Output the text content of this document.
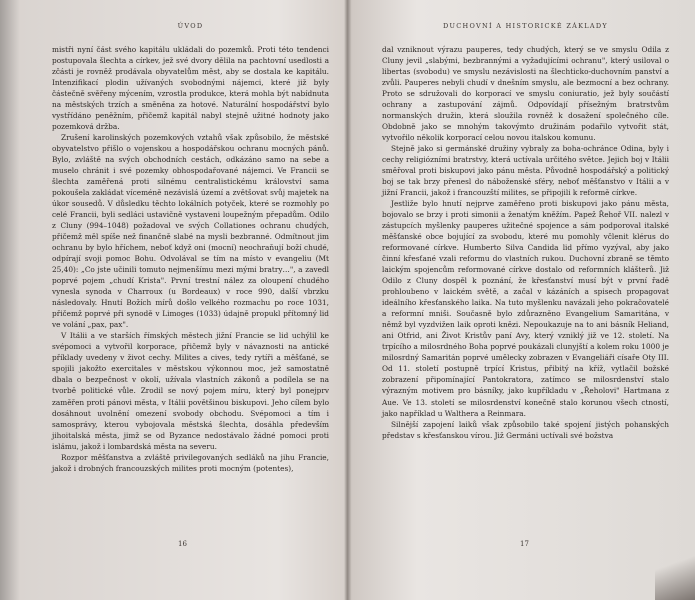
ÚVOD

mistři nyní část svého kapitálu ukládali do pozemků. Proti této tendenci postupovala šlechta a církev, jež své dvory dělila na pachtovní usedlosti a zčásti je rovněž prodávala obyvatelům měst, aby se dostala ke kapitálu. Intenzifikací plodin užívaných svobodnými nájemci, které již byly částečně svěřeny mýcením, vzrostla produkce, která mohla být nabídnuta na městských trzích a směněna za hotové. Naturální hospodářství bylo vystřídáno peněžním, přičemž kapitál nabyl stejně užitné hodnoty jako pozemková držba.

Zrušení karolinských pozemkových vztahů však způsobilo, že městské obyvatelstvo přišlo o vojenskou a hospodářskou ochranu mocných pánů. Bylo, zvláště na svých obchodních cestách, odkázáno samo na sebe a muselo chránit i své pozemky obhospodařované nájemci. Ve Francii se šlechta zaměřená proti silnému centralistickému království sama pokoušela zakládat víceméně nezávislá území a zvětšovat svůj majetek na úkor sousedů. V důsledku těchto lokálních potyček, které se rozmohly po celé Francii, byli sedláci ustavičně vystaveni loupežným přepadům. Odilo z Cluny (994–1048) požadoval ve svých Collationes ochranu chudých, přičemž měl spíše než finančně slabé na mysli bezbranné. Odmítnout jim ochranu by bylo hříchem, neboť když oni (mocní) neochraňují boží chudé, odpírají svoji pomoc Bohu. Odvolával se tím na místo v evangeliu (Mt 25,40): „Co jste učinili tomuto nejmenšímu mezi mými bratry…", a zavedl poprvé pojem „chudí Krista". První trestní nález za oloupení chudého vynesla synoda v Charroux (u Bordeaux) v roce 990, další vbrzku následovaly. Hnutí Božích mírů došlo velkého rozmachu po roce 1031, přičemž poprvé při synodě v Limoges (1033) údajně propukl přítomný lid ve volání „pax, pax".

V Itálii a ve starších římských městech jižní Francie se lid uchýlil ke svépomoci a vytvořil korporace, přičemž byly v návaznosti na antické příklady uvedeny v život cechy. Milites a cives, tedy rytíři a měšťané, se spojili jakožto exercitales v městskou výkonnou moc, jež samostatně dbala o bezpečnost v okolí, užívala vlastních zákonů a podílela se na tvorbě politické vůle. Zrodil se nový pojem míru, který byl ponejprv zaměřen proti pánovi města, v Itálii povětšinou biskupovi. Jeho cílem bylo dosáhnout uvolnění omezení svobody obchodu. Svépomoci a tím i samosprávy, kterou vybojovala městská šlechta, dosáhla především jihoitalská města, jimž se od Byzance nedostávalo žádné pomoci proti islámu, jakož i lombardská města na severu.

Rozpor měšťanstva a zvláště privilegovaných sedláků na jihu Francie, jakož i drobných francouzských milites proti mocným (potentes),

16
DUCHOVNÍ A HISTORICKÉ ZÁKLADY

dal vzniknout výrazu pauperes, tedy chudých, který se ve smyslu Odila z Cluny jevil „slabými, bezbrannými a vyžadujícími ochranu", který usiloval o libertas (svobodu) ve smyslu nezávislosti na šlechticko-duchovním panství a zvůli. Pauperes nebyli chudí v dnešním smyslu, ale bezmocní a bez ochrany. Proto se sdružovali do korporací ve smyslu coniuratio, jež byly součástí ochrany a zastupování zájmů. Odpovídají přísežným bratrstvům normanských družin, která sloužila rovněž k dosažení společného cíle. Obdobně jako se mnohým takovýmto družinám podařilo vytvořit stát, vytvořilo několik korporací celou novou italskou komunu.

Stejně jako si germánské družiny vybraly za boha-ochránce Odina, byly i cechy religiózními bratrstvy, která uctívala určitého světce. Jejich boj v Itálii směřoval proti biskupovi jako pánu města. Původně hospodářský a politický boj se tak brzy přenesl do náboženské sféry, neboť měšťanstvo v Itálii a v jižní Francii, jakož i francouzští milites, se připojili k reformě církve.

Jestliže bylo hnutí nejprve zaměřeno proti biskupovi jako pánu města, bojovalo se brzy i proti simonii a ženatým kněžím. Papež Řehoř VII. nalezl v zástupcích myšlenky pauperes užitečné spojence a sám podporoval italské měšťanské obce bojující za svobodu, které mu pomohly včlenit klérus do reformované církve. Humberto Silva Candida lid přímo vyzýval, aby jako činní křesťané vzali reformu do vlastních rukou. Duchovní zbraně se těmto laickým spojencům reformované církve dostalo od reformních klášterů. Již Odilo z Cluny dospěl k poznání, že křesťanství musí být v první řadě prohloubeno v laickém světě, a začal v kázáních a spisech propagovat ideálního křesťanského laika. Na tuto myšlenku navázali jeho pokračovatelé a reformní mniši. Současně bylo zdůrazněno Evangelium Samaritána, v němž byl vyzdvižen laik oproti knězi. Nepoukazuje na to ani básník Heliand, ani Otfrid, ani Život Kristův paní Avy, který vzniklý již ve 12. století. Na trpícího a milosrdného Boha poprvé poukázali clunyjští a kolem roku 1000 je milosrdný Samaritán poprvé umělecky zobrazen v Evangeliáři císaře Oty III. Od 11. století postupně trpící Kristus, přibitý na kříž, vytlačil božské zobrazení připomínající Pantokratora, zatímco se milosrdenství stalo výrazným motivem pro básníky, jako kupříkladu v „Řeholovi" Hartmana z Aue. Ve 13. století se milosrdenství konečně stalo korunou všech ctností, jako například u Walthera a Reinmara.

Silnější zapojení laiků však způsobilo také spojení jistých pohanských představ s křesťanskou vírou. Již Germáni uctívali své božstva

17
